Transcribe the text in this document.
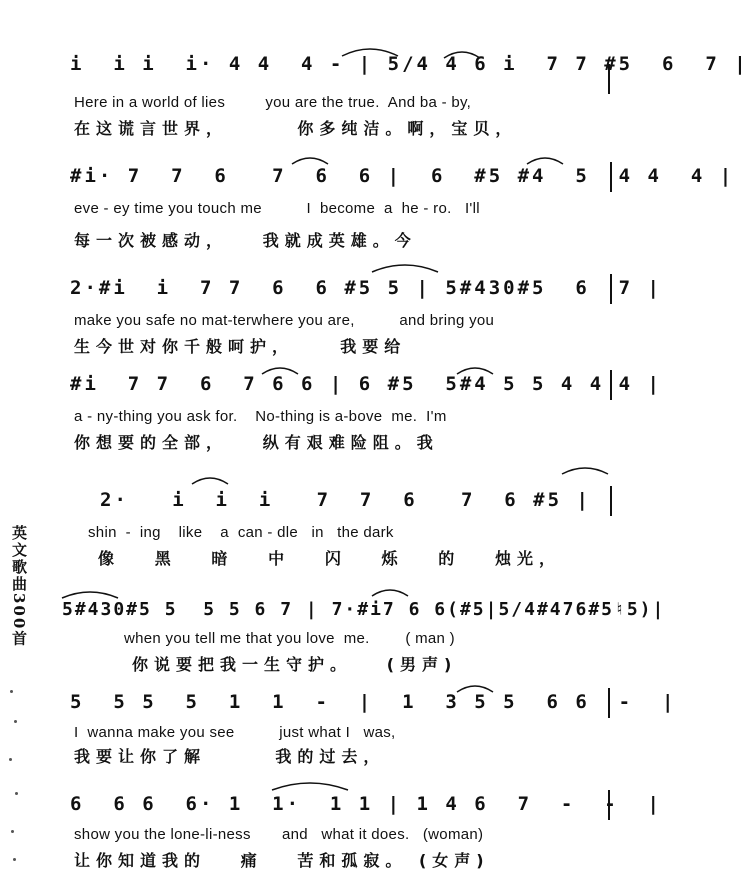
i  i i  i· 4 4  4 - | 5/4 4 6 i  7 7 #5  6  7 |
Here in a world of lies         you are the true.  And ba - by,
在这谎言世界，      你多纯洁。啊，宝贝，
#i· 7  7  6   7  6  6 |  6  #5 #4  5  4 4  4 |
eve - ey time you touch me          I  become  a  he - ro.   I'll
每一次被感动，   我就成英雄。今
2·#i  i  7 7  6  6 #5 5 | 5#430#5  6  7 |
make you safe no mat-terwhere you are,          and bring you
生今世对你千般呵护，    我要给
#i  7 7  6  7 6 6 | 6 #5  5#4 5 5 4 4 4 |
a - ny-thing you ask for.    No-thing is a-bove  me.  I'm
你想要的全部，   纵有艰难险阻。我
2·   i  i  i   7  7  6   7  6 #5 |
shin  -  ing    like    a  can - dle   in   the dark
像   黑   暗   中   闪   烁   的   烛光，
5#430#5 5  5 5 6 7 | 7·#i7 6 6(#5|5/4#476#5♮5)|
when you tell me that you love  me.        ( man )
你说要把我一生守护。   (男声)
5  5 5  5  1  1  -  |  1  3 5 5  6 6  -  |
I  wanna make you see          just what I   was,
我要让你了解      我的过去，
6  6 6  6· 1  1·  1 1 | 1 4 6  7  -  -  |
show you the lone-li-ness       and   what it does.   (woman)
让你知道我的   痛   苦和孤寂。 (女声)
英文歌曲300首
